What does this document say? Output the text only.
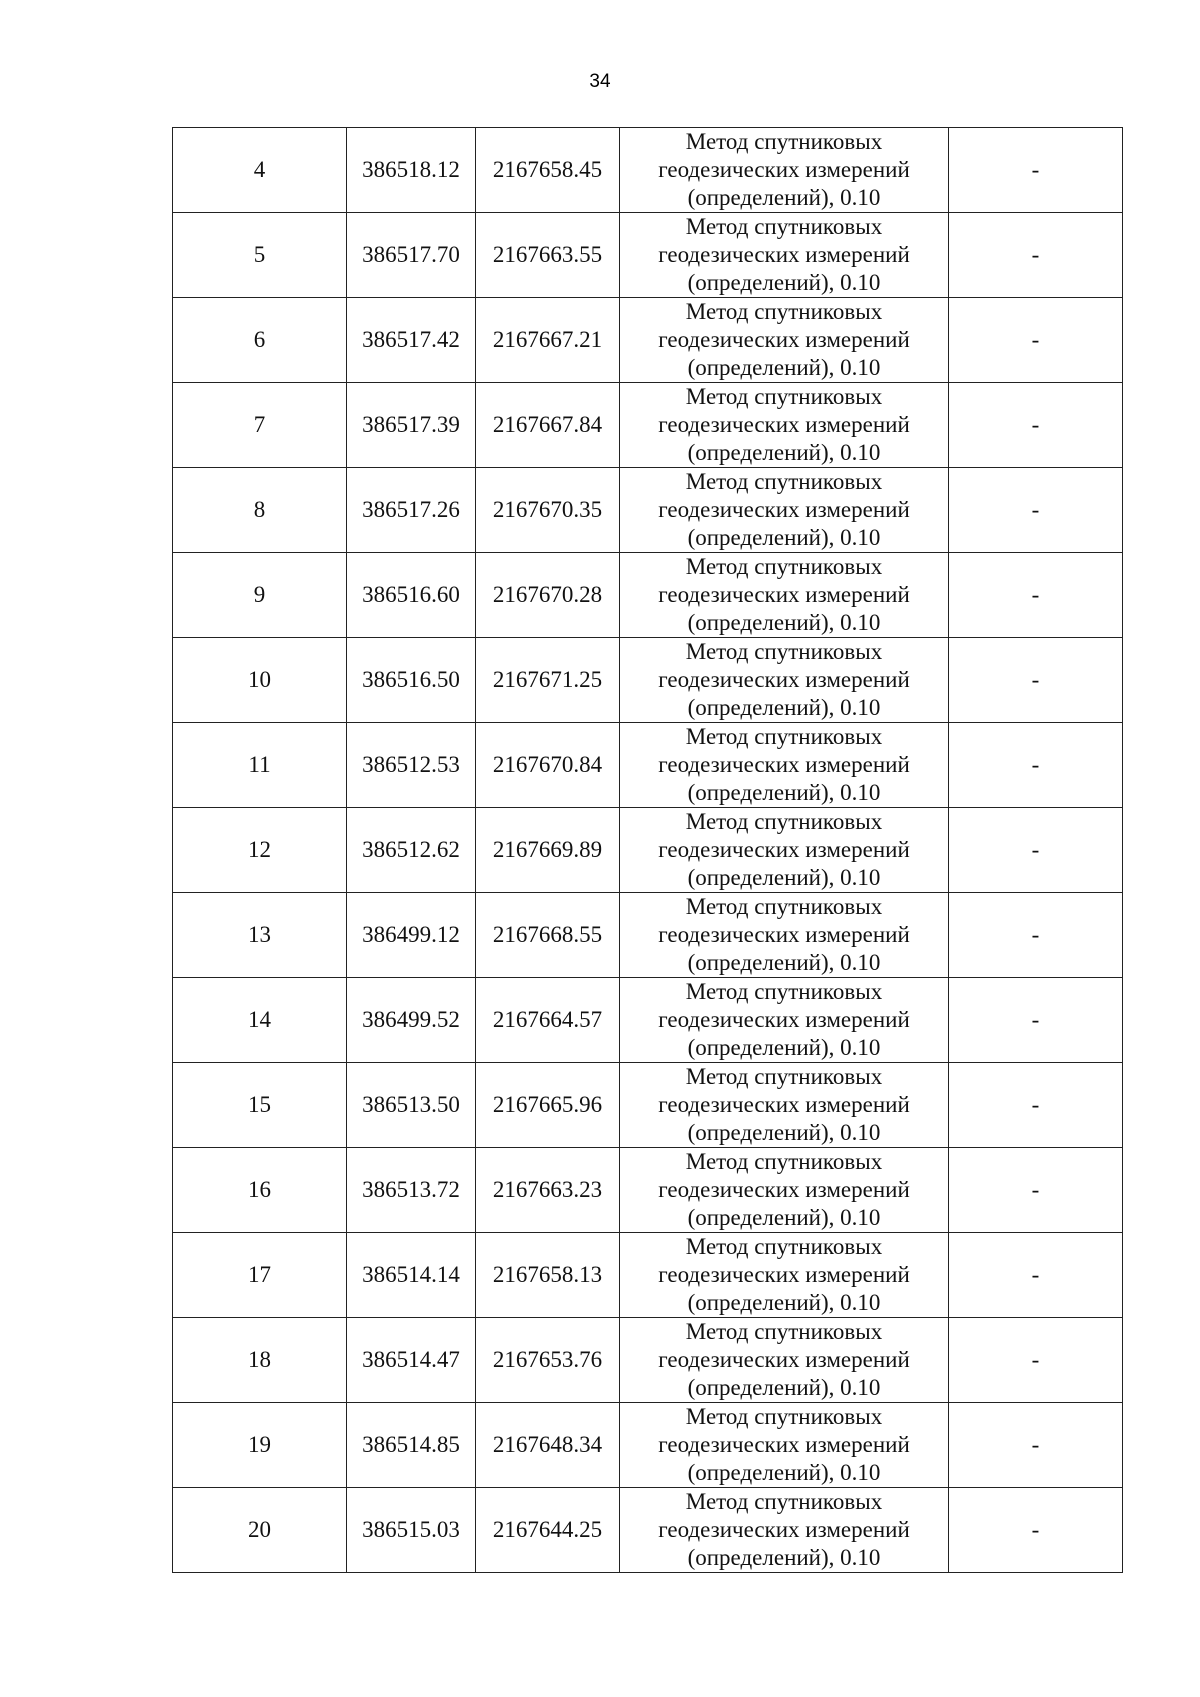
34
4	386518.12	2167658.45	Метод спутниковых
геодезических измерений
(определений), 0.10	-
5	386517.70	2167663.55	Метод спутниковых
геодезических измерений
(определений), 0.10	-
6	386517.42	2167667.21	Метод спутниковых
геодезических измерений
(определений), 0.10	-
7	386517.39	2167667.84	Метод спутниковых
геодезических измерений
(определений), 0.10	-
8	386517.26	2167670.35	Метод спутниковых
геодезических измерений
(определений), 0.10	-
9	386516.60	2167670.28	Метод спутниковых
геодезических измерений
(определений), 0.10	-
10	386516.50	2167671.25	Метод спутниковых
геодезических измерений
(определений), 0.10	-
11	386512.53	2167670.84	Метод спутниковых
геодезических измерений
(определений), 0.10	-
12	386512.62	2167669.89	Метод спутниковых
геодезических измерений
(определений), 0.10	-
13	386499.12	2167668.55	Метод спутниковых
геодезических измерений
(определений), 0.10	-
14	386499.52	2167664.57	Метод спутниковых
геодезических измерений
(определений), 0.10	-
15	386513.50	2167665.96	Метод спутниковых
геодезических измерений
(определений), 0.10	-
16	386513.72	2167663.23	Метод спутниковых
геодезических измерений
(определений), 0.10	-
17	386514.14	2167658.13	Метод спутниковых
геодезических измерений
(определений), 0.10	-
18	386514.47	2167653.76	Метод спутниковых
геодезических измерений
(определений), 0.10	-
19	386514.85	2167648.34	Метод спутниковых
геодезических измерений
(определений), 0.10	-
20	386515.03	2167644.25	Метод спутниковых
геодезических измерений
(определений), 0.10	-
